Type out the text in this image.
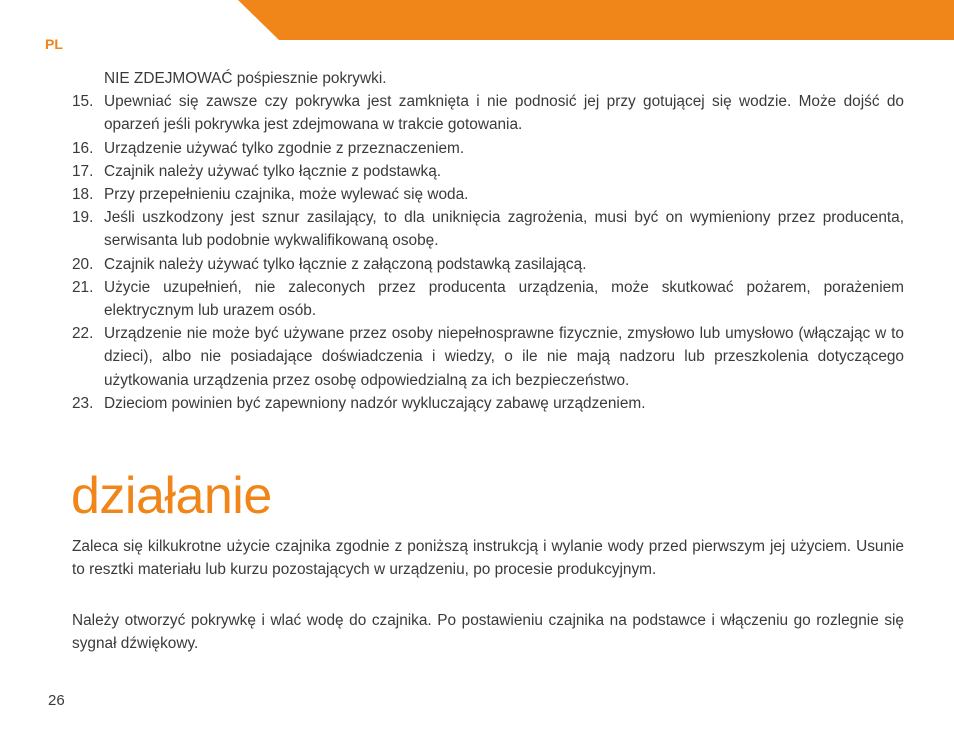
PL
NIE ZDEJMOWAĆ pośpiesznie pokrywki.
15. Upewniać się zawsze czy pokrywka jest zamknięta i nie podnosić jej przy gotującej się wodzie. Może dojść do oparzeń jeśli pokrywka jest zdejmowana w trakcie gotowania.
16. Urządzenie używać tylko zgodnie z przeznaczeniem.
17. Czajnik należy używać tylko łącznie z podstawką.
18. Przy przepełnieniu czajnika, może wylewać się woda.
19. Jeśli uszkodzony jest sznur zasilający, to dla uniknięcia zagrożenia, musi być on wymieniony przez producenta, serwisanta lub podobnie wykwalifikowaną osobę.
20. Czajnik należy używać tylko łącznie z załączoną podstawką zasilającą.
21. Użycie uzupełnień, nie zaleconych przez producenta urządzenia, może skutkować pożarem, porażeniem elektrycznym lub urazem osób.
22. Urządzenie nie może być używane przez osoby niepełnosprawne fizycznie, zmysłowo lub umysłowo (włączając w to dzieci), albo nie posiadające doświadczenia i wiedzy, o ile nie mają nadzoru lub przeszkolenia dotyczącego użytkowania urządzenia przez osobę odpowiedzialną za ich bezpieczeństwo.
23. Dzieciom powinien być zapewniony nadzór wykluczający zabawę urządzeniem.
działanie
Zaleca się kilkukrotne użycie czajnika zgodnie z poniższą instrukcją i wylanie wody przed pierwszym jej użyciem. Usunie to resztki materiału lub kurzu pozostających w urządzeniu, po procesie produkcyjnym.
Należy otworzyć pokrywkę i wlać wodę do czajnika. Po postawieniu czajnika na podstawce i włączeniu go rozlegnie się sygnał dźwiękowy.
26
